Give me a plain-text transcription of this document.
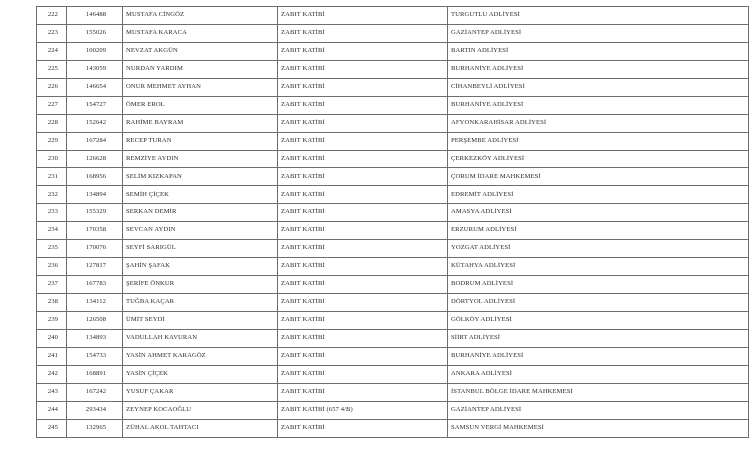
222	146488	MUSTAFA CİNGÖZ	ZABIT KATİBİ	TURGUTLU ADLİYESİ
223	155026	MUSTAFA KARACA	ZABIT KATİBİ	GAZİANTEP ADLİYESİ
224	100209	NEVZAT AKGÜN	ZABIT KATİBİ	BARTIN ADLİYESİ
225	143059	NURDAN YARDIM	ZABIT KATİBİ	BURHANİYE ADLİYESİ
226	146654	ONUR MEHMET AYHAN	ZABIT KATİBİ	CİHANBEYLİ ADLİYESİ
227	154727	ÖMER EROL	ZABIT KATİBİ	BURHANİYE ADLİYESİ
228	152642	RAHİME BAYRAM	ZABIT KATİBİ	AFYONKARAHİSAR ADLİYESİ
229	167284	RECEP TURAN	ZABIT KATİBİ	PERŞEMBE ADLİYESİ
230	126628	REMZİYE AYDIN	ZABIT KATİBİ	ÇERKEZKÖY ADLİYESİ
231	168956	SELİM KIZKAPAN	ZABIT KATİBİ	ÇORUM İDARE MAHKEMESİ
232	134894	SEMİH ÇİÇEK	ZABIT KATİBİ	EDREMİT ADLİYESİ
233	155329	SERKAN DEMİR	ZABIT KATİBİ	AMASYA ADLİYESİ
234	170358	SEVCAN AYDIN	ZABIT KATİBİ	ERZURUM ADLİYESİ
235	170076	SEYFİ SARIGÜL	ZABIT KATİBİ	YOZGAT ADLİYESİ
236	127817	ŞAHİN ŞAFAK	ZABIT KATİBİ	KÜTAHYA ADLİYESİ
237	167783	ŞERİFE ÖNKUR	ZABIT KATİBİ	BODRUM ADLİYESİ
238	134112	TUĞBA KAÇAR	ZABIT KATİBİ	DÖRTYOL ADLİYESİ
239	126508	ÜMİT SEYDİ	ZABIT KATİBİ	GÖLKÖY ADLİYESİ
240	134893	VADULLAH KAVURAN	ZABIT KATİBİ	SİİRT ADLİYESİ
241	154733	YASİN AHMET KARAGÖZ	ZABIT KATİBİ	BURHANİYE ADLİYESİ
242	168891	YASİN ÇİÇEK	ZABIT KATİBİ	ANKARA ADLİYESİ
243	167242	YUSUF ÇAKAR	ZABIT KATİBİ	İSTANBUL BÖLGE İDARE MAHKEMESİ
244	293434	ZEYNEP KOCAOĞLU	ZABIT KATİBİ (657 4/B)	GAZİANTEP ADLİYESİ
245	132965	ZÜHAL AKOL TAHTACI	ZABIT KATİBİ	SAMSUN VERGİ MAHKEMESİ
